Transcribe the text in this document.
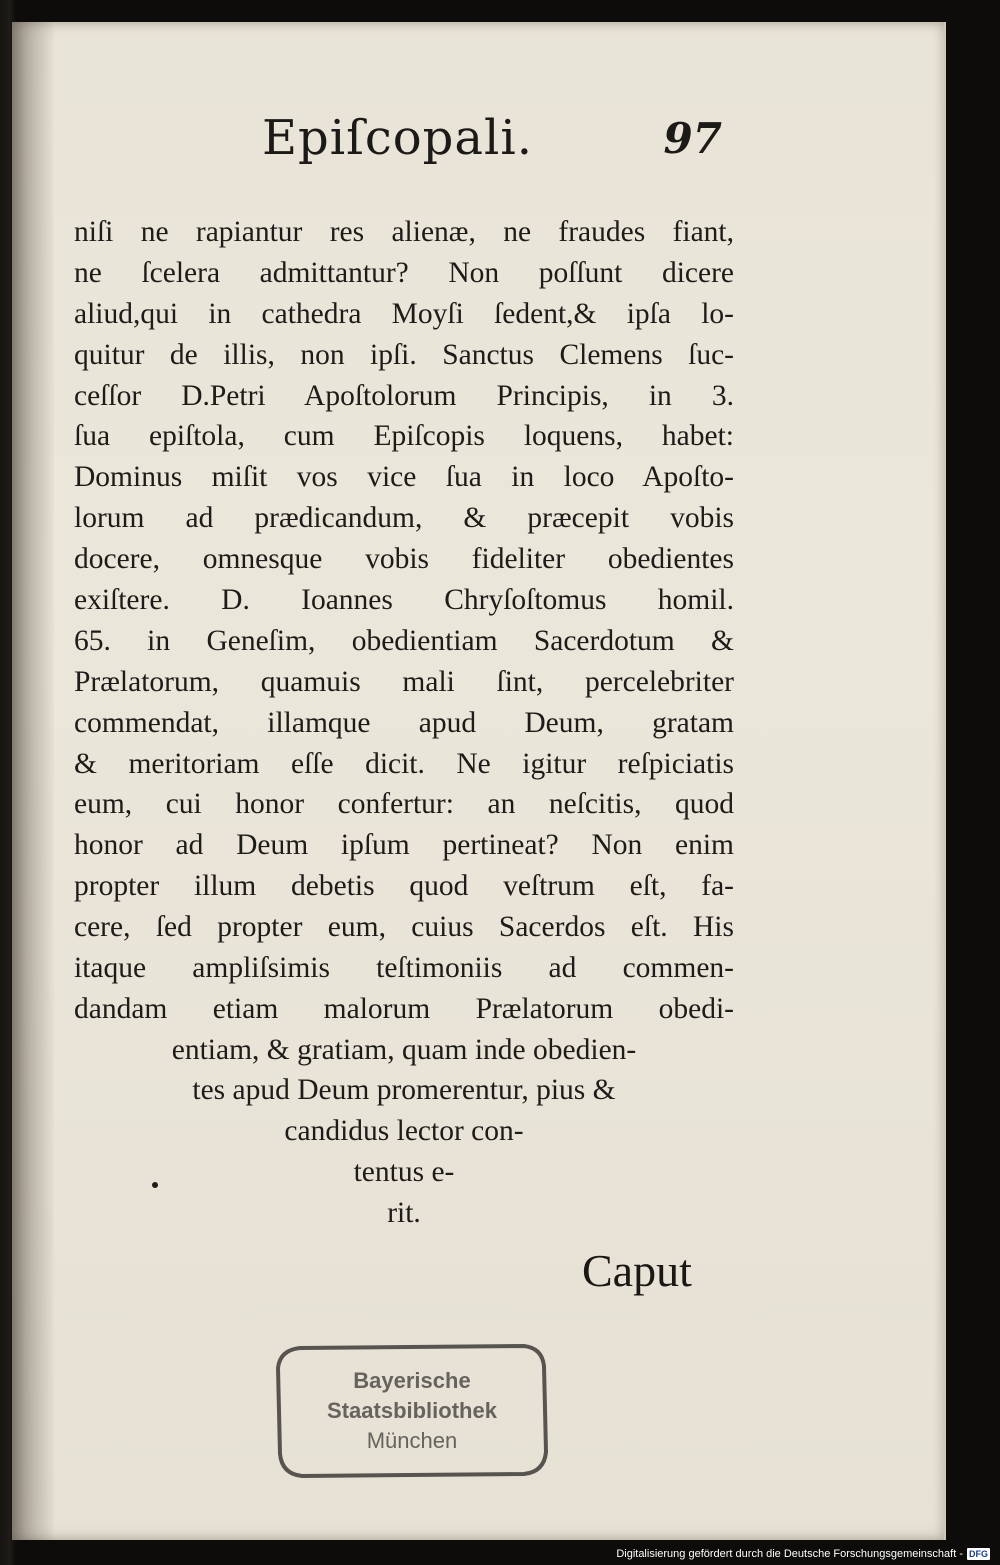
Epiſcopali.	97
niſi ne rapiantur res alienæ, ne fraudes fiant,
ne ſcelera admittantur? Non poſſunt dicere
aliud,qui in cathedra Moyſi ſedent,& ipſa lo-
quitur de illis, non ipſi. Sanctus Clemens ſuc-
ceſſor D.Petri Apoſtolorum Principis, in 3.
ſua epiſtola, cum Epiſcopis loquens, habet:
Dominus miſit vos vice ſua in loco Apoſto-
lorum ad prædicandum, & præcepit vobis
docere, omnesque vobis fideliter obedientes
exiſtere. D. Ioannes Chryſoſtomus homil.
65. in Geneſim, obedientiam Sacerdotum &
Prælatorum, quamuis mali ſint, percelebriter
commendat, illamque apud Deum, gratam
& meritoriam eſſe dicit. Ne igitur reſpiciatis
eum, cui honor confertur: an neſcitis, quod
honor ad Deum ipſum pertineat? Non enim
propter illum debetis quod veſtrum eſt, fa-
cere, ſed propter eum, cuius Sacerdos eſt. His
itaque ampliſsimis teſtimoniis ad commen-
dandam etiam malorum Prælatorum obedi-
entiam, & gratiam, quam inde obedien-
tes apud Deum promerentur, pius &
candidus lector con-
tentus e-
rit.
Caput
Bayerische
Staatsbibliothek
München
Digitalisierung gefördert durch die Deutsche Forschungsgemeinschaft - DFG
